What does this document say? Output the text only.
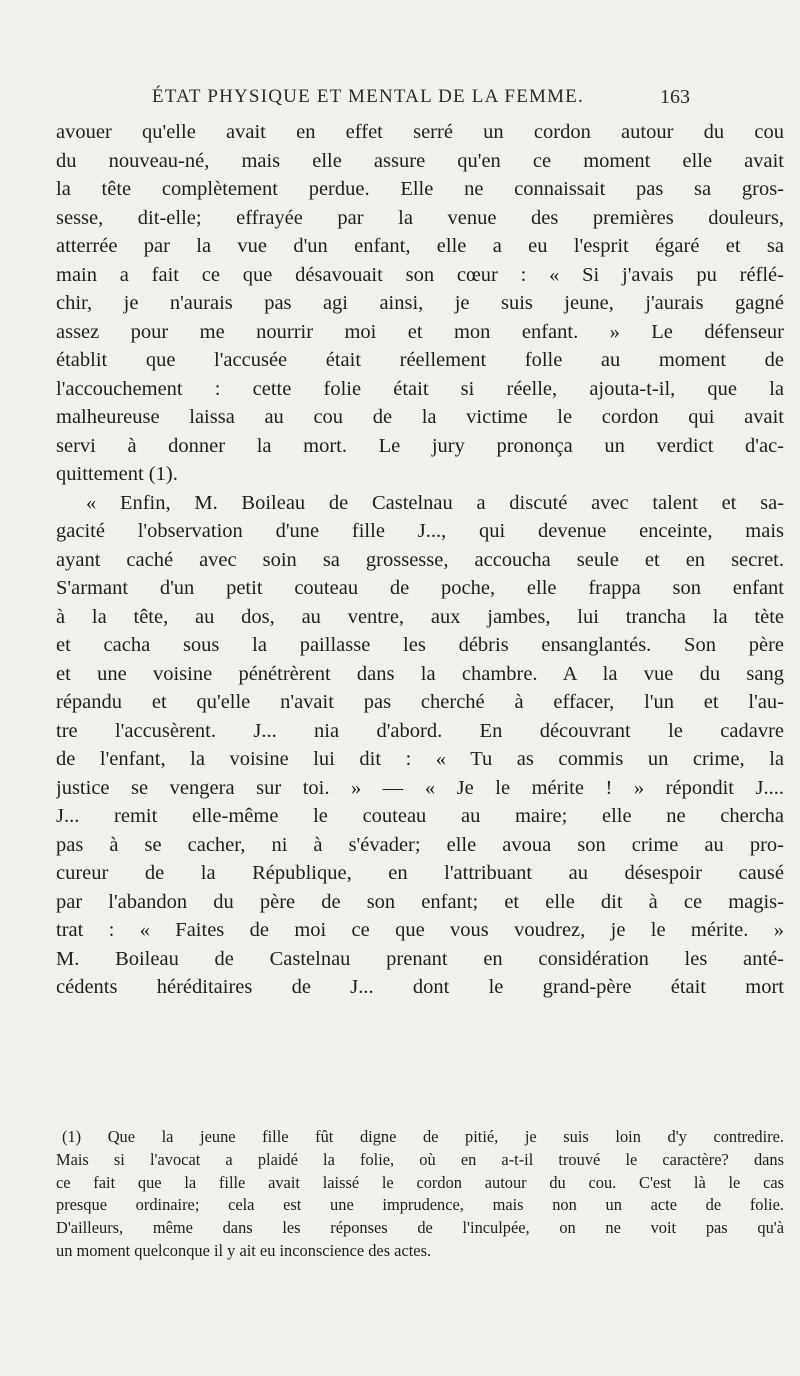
ÉTAT PHYSIQUE ET MENTAL DE LA FEMME.	163
avouer qu'elle avait en effet serré un cordon autour du cou
du nouveau-né, mais elle assure qu'en ce moment elle avait
la tête complètement perdue. Elle ne connaissait pas sa gros-
sesse, dit-elle; effrayée par la venue des premières douleurs,
atterrée par la vue d'un enfant, elle a eu l'esprit égaré et sa
main a fait ce que désavouait son cœur : « Si j'avais pu réflé-
chir, je n'aurais pas agi ainsi, je suis jeune, j'aurais gagné
assez pour me nourrir moi et mon enfant. » Le défenseur
établit que l'accusée était réellement folle au moment de
l'accouchement : cette folie était si réelle, ajouta-t-il, que la
malheureuse laissa au cou de la victime le cordon qui avait
servi à donner la mort. Le jury prononça un verdict d'ac-
quittement (1).
« Enfin, M. Boileau de Castelnau a discuté avec talent et sa-
gacité l'observation d'une fille J..., qui devenue enceinte, mais
ayant caché avec soin sa grossesse, accoucha seule et en secret.
S'armant d'un petit couteau de poche, elle frappa son enfant
à la tête, au dos, au ventre, aux jambes, lui trancha la tète
et cacha sous la paillasse les débris ensanglantés. Son père
et une voisine pénétrèrent dans la chambre. A la vue du sang
répandu et qu'elle n'avait pas cherché à effacer, l'un et l'au-
tre l'accusèrent. J... nia d'abord. En découvrant le cadavre
de l'enfant, la voisine lui dit : « Tu as commis un crime, la
justice se vengera sur toi. » — « Je le mérite ! » répondit J....
J... remit elle-même le couteau au maire; elle ne chercha
pas à se cacher, ni à s'évader; elle avoua son crime au pro-
cureur de la République, en l'attribuant au désespoir causé
par l'abandon du père de son enfant; et elle dit à ce magis-
trat : « Faites de moi ce que vous voudrez, je le mérite. »
M. Boileau de Castelnau prenant en considération les anté-
cédents héréditaires de J... dont le grand-père était mort
(1) Que la jeune fille fût digne de pitié, je suis loin d'y contredire.
Mais si l'avocat a plaidé la folie, où en a-t-il trouvé le caractère? dans
ce fait que la fille avait laissé le cordon autour du cou. C'est là le cas
presque ordinaire; cela est une imprudence, mais non un acte de folie.
D'ailleurs, même dans les réponses de l'inculpée, on ne voit pas qu'à
un moment quelconque il y ait eu inconscience des actes.
